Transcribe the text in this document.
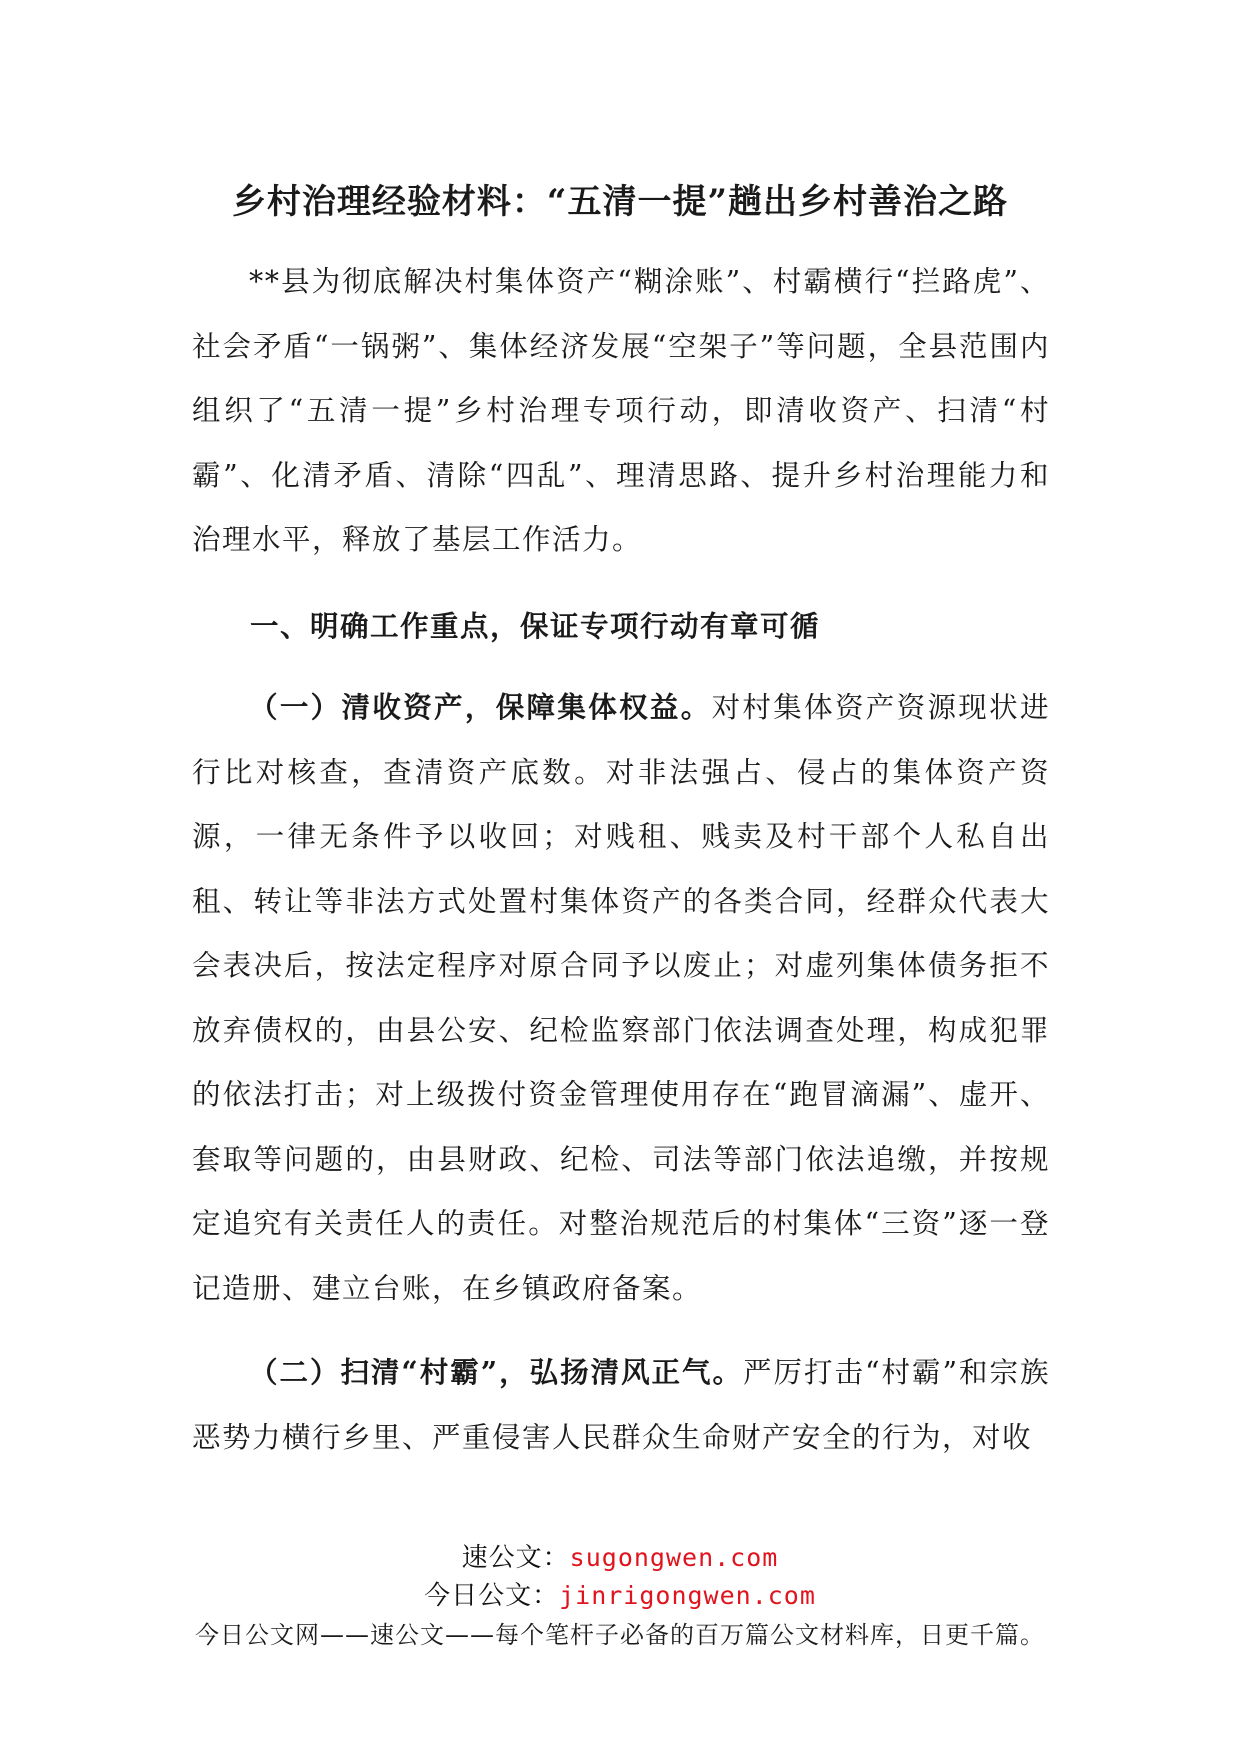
乡村治理经验材料：“五清一提”趟出乡村善治之路

**县为彻底解决村集体资产“糊涂账”、村霸横行“拦路虎”、社会矛盾“一锅粥”、集体经济发展“空架子”等问题，全县范围内组织了“五清一提”乡村治理专项行动，即清收资产、扫清“村霸”、化清矛盾、清除“四乱”、理清思路、提升乡村治理能力和治理水平，释放了基层工作活力。

一、明确工作重点，保证专项行动有章可循

（一）清收资产，保障集体权益。对村集体资产资源现状进行比对核查，查清资产底数。对非法强占、侵占的集体资产资源，一律无条件予以收回；对贱租、贱卖及村干部个人私自出租、转让等非法方式处置村集体资产的各类合同，经群众代表大会表决后，按法定程序对原合同予以废止；对虚列集体债务拒不放弃债权的，由县公安、纪检监察部门依法调查处理，构成犯罪的依法打击；对上级拨付资金管理使用存在“跑冒滴漏”、虚开、套取等问题的，由县财政、纪检、司法等部门依法追缴，并按规定追究有关责任人的责任。对整治规范后的村集体“三资”逐一登记造册、建立台账，在乡镇政府备案。

（二）扫清“村霸”，弘扬清风正气。严厉打击“村霸”和宗族恶势力横行乡里、严重侵害人民群众生命财产安全的行为，对收

速公文：sugongwen.com
今日公文：jinrigongwen.com
今日公文网——速公文——每个笔杆子必备的百万篇公文材料库，日更千篇。
